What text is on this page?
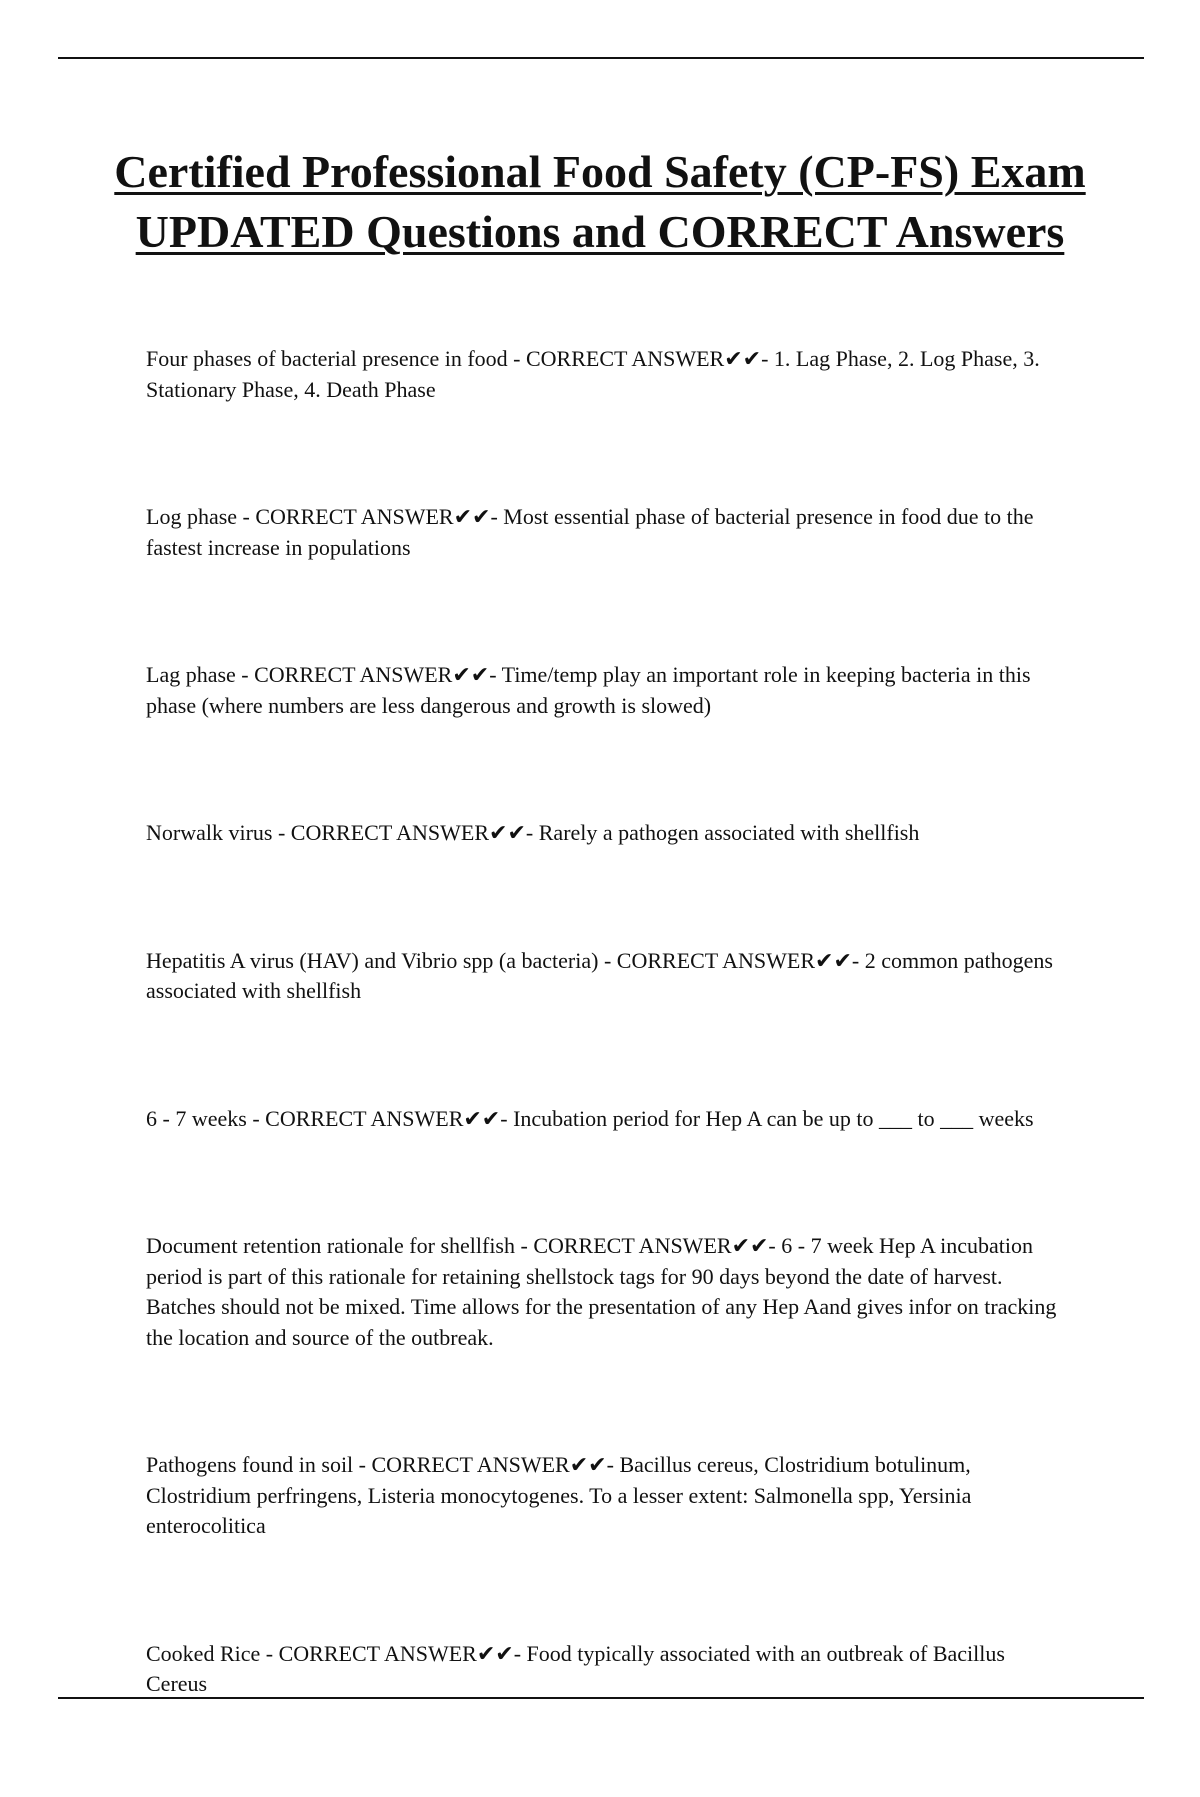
Certified Professional Food Safety (CP-FS) Exam UPDATED Questions and CORRECT Answers

Four phases of bacterial presence in food - CORRECT ANSWER✔✔- 1. Lag Phase, 2. Log Phase, 3. Stationary Phase, 4. Death Phase

Log phase - CORRECT ANSWER✔✔- Most essential phase of bacterial presence in food due to the fastest increase in populations

Lag phase - CORRECT ANSWER✔✔- Time/temp play an important role in keeping bacteria in this phase (where numbers are less dangerous and growth is slowed)

Norwalk virus - CORRECT ANSWER✔✔- Rarely a pathogen associated with shellfish

Hepatitis A virus (HAV) and Vibrio spp (a bacteria) - CORRECT ANSWER✔✔- 2 common pathogens associated with shellfish

6 - 7 weeks - CORRECT ANSWER✔✔- Incubation period for Hep A can be up to ___ to ___ weeks

Document retention rationale for shellfish - CORRECT ANSWER✔✔- 6 - 7 week Hep A incubation period is part of this rationale for retaining shellstock tags for 90 days beyond the date of harvest. Batches should not be mixed. Time allows for the presentation of any Hep Aand gives infor on tracking the location and source of the outbreak.

Pathogens found in soil - CORRECT ANSWER✔✔- Bacillus cereus, Clostridium botulinum, Clostridium perfringens, Listeria monocytogenes. To a lesser extent: Salmonella spp, Yersinia enterocolitica

Cooked Rice - CORRECT ANSWER✔✔- Food typically associated with an outbreak of Bacillus Cereus
